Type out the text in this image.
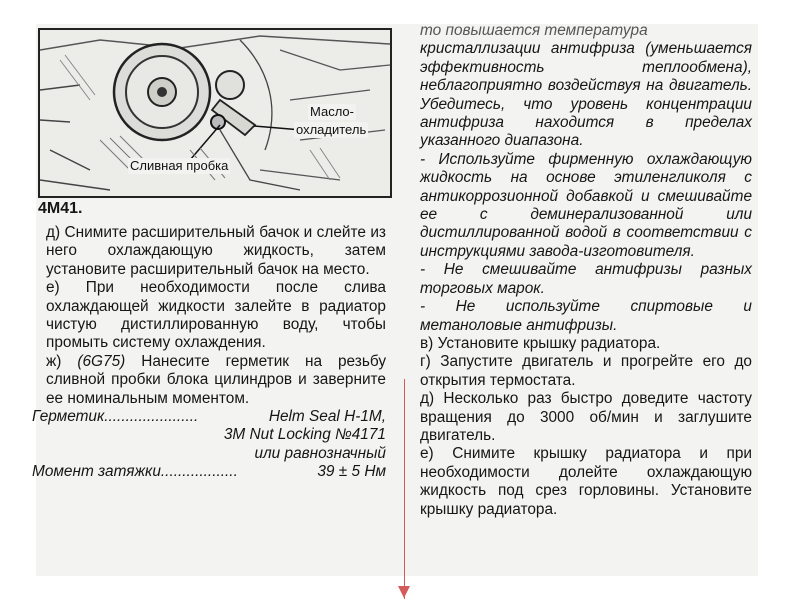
Масло-
охладитель
Сливная пробка
4M41.

д) Снимите расширительный бачок и слейте из него охлаждающую жидкость, затем установите расширительный бачок на место.

е) При необходимости после слива охлаждающей жидкости залейте в радиатор чистую дистиллированную воду, чтобы промыть систему охлаждения.

ж) (6G75) Нанесите герметик на резьбу сливной пробки блока цилиндров и заверните ее номинальным моментом.

Герметик ......................	Helm Seal H-1M,
3M Nut Locking №4171
или равнозначный
Момент затяжки ..................	39 ± 5 Нм

то повышается температура

кристаллизации антифриза (уменьшается эффективность теплообмена), неблагоприятно воздействуя на двигатель. Убедитесь, что уровень концентрации антифриза находится в пределах указанного диапазона.

- Используйте фирменную охлаждающую жидкость на основе этиленгликоля с антикоррозионной добавкой и смешивайте ее с деминерализованной или дистиллированной водой в соответствии с инструкциями завода-изготовителя.

- Не смешивайте антифризы разных торговых марок.

- Не используйте спиртовые и метаноловые антифризы.

в) Установите крышку радиатора.

г) Запустите двигатель и прогрейте его до открытия термостата.

д) Несколько раз быстро доведите частоту вращения до 3000 об/мин и заглушите двигатель.

е) Снимите крышку радиатора и при необходимости долейте охлаждающую жидкость под срез горловины. Установите крышку радиатора.
